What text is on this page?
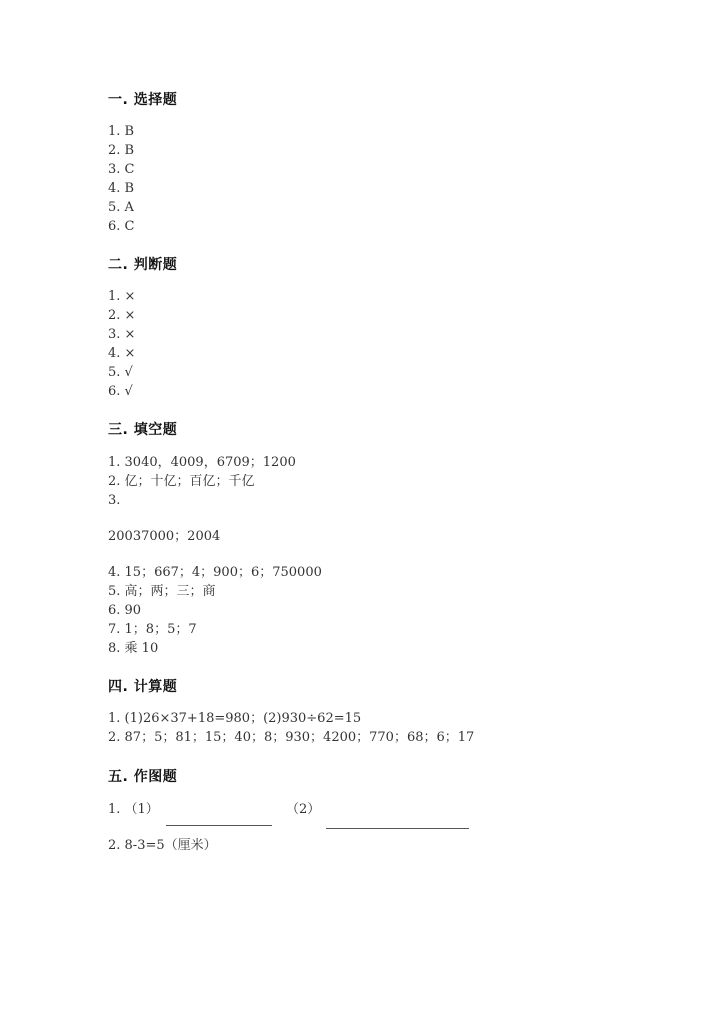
一. 选择题
1. B
2. B
3. C
4. B
5. A
6. C
二. 判断题
1. ×
2. ×
3. ×
4. ×
5. √
6. √
三. 填空题
1. 3040，4009，6709；1200
2. 亿；十亿；百亿；千亿
3.
20037000；2004
4. 15；667；4；900；6；750000
5. 高；两；三；商
6. 90
7. 1；8；5；7
8. 乘 10
四. 计算题
1. (1)26×37+18=980；(2)930÷62=15
2. 87；5；81；15；40；8；930；4200；770；68；6；17
五. 作图题
1. （1）	（2）
2. 8-3=5（厘米）
